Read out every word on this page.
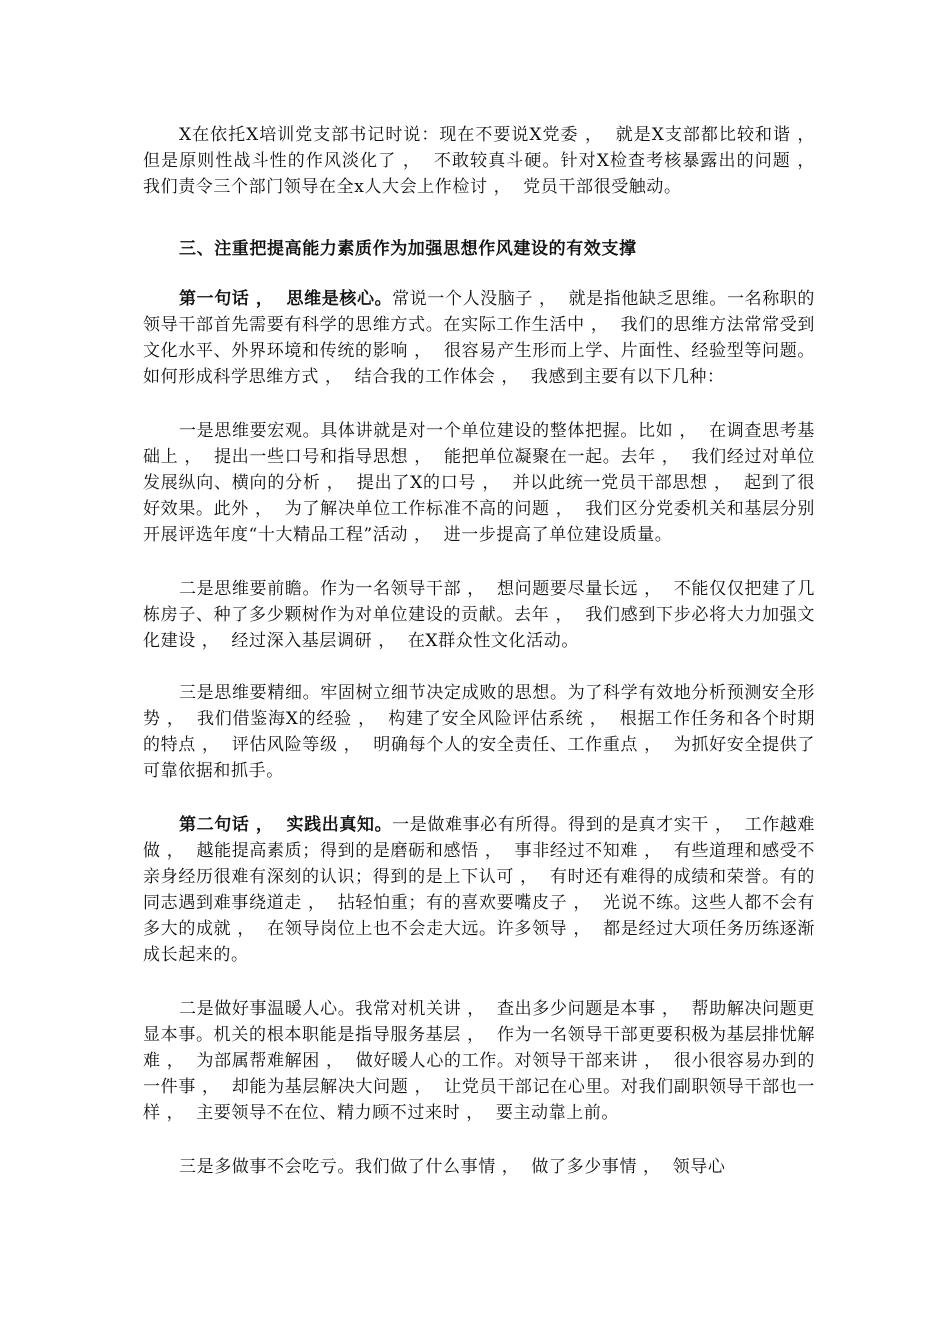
X在依托X培训党支部书记时说：现在不要说X党委 ，  就是X支部都比较和谐 ，  但是原则性战斗性的作风淡化了 ，  不敢较真斗硬。针对X检查考核暴露出的问题 ，  我们责令三个部门领导在全x人大会上作检讨 ，  党员干部很受触动。

三、注重把提高能力素质作为加强思想作风建设的有效支撑

第一句话 ，  思维是核心。常说一个人没脑子 ，  就是指他缺乏思维。一名称职的领导干部首先需要有科学的思维方式。在实际工作生活中 ，  我们的思维方法常常受到文化水平、外界环境和传统的影响 ，  很容易产生形而上学、片面性、经验型等问题。如何形成科学思维方式 ，  结合我的工作体会 ，  我感到主要有以下几种：

一是思维要宏观。具体讲就是对一个单位建设的整体把握。比如 ，  在调查思考基础上 ，  提出一些口号和指导思想 ，  能把单位凝聚在一起。去年 ，  我们经过对单位发展纵向、横向的分析 ，  提出了X的口号 ，  并以此统一党员干部思想 ，  起到了很好效果。此外 ，  为了解决单位工作标准不高的问题 ，  我们区分党委机关和基层分别开展评选年度“十大精品工程”活动 ，  进一步提高了单位建设质量。

二是思维要前瞻。作为一名领导干部 ，  想问题要尽量长远 ，  不能仅仅把建了几栋房子、种了多少颗树作为对单位建设的贡献。去年 ，  我们感到下步必将大力加强文化建设 ，  经过深入基层调研 ，  在X群众性文化活动。

三是思维要精细。牢固树立细节决定成败的思想。为了科学有效地分析预测安全形势 ，  我们借鉴海X的经验 ，  构建了安全风险评估系统 ，  根据工作任务和各个时期的特点 ，  评估风险等级 ，  明确每个人的安全责任、工作重点 ，  为抓好安全提供了可靠依据和抓手。

第二句话 ，  实践出真知。一是做难事必有所得。得到的是真才实干 ，  工作越难做 ，  越能提高素质；得到的是磨砺和感悟 ，  事非经过不知难 ，  有些道理和感受不亲身经历很难有深刻的认识；得到的是上下认可 ，  有时还有难得的成绩和荣誉。有的同志遇到难事绕道走 ，  拈轻怕重；有的喜欢要嘴皮子 ，  光说不练。这些人都不会有多大的成就 ，  在领导岗位上也不会走大远。许多领导 ，  都是经过大项任务历练逐渐成长起来的。

二是做好事温暖人心。我常对机关讲 ，  查出多少问题是本事 ，  帮助解决问题更显本事。机关的根本职能是指导服务基层 ，  作为一名领导干部更要积极为基层排忧解难 ，  为部属帮难解困 ，  做好暖人心的工作。对领导干部来讲 ，  很小很容易办到的一件事 ，  却能为基层解决大问题 ，  让党员干部记在心里。对我们副职领导干部也一样 ，  主要领导不在位、精力顾不过来时 ，  要主动靠上前。

三是多做事不会吃亏。我们做了什么事情 ，  做了多少事情 ，  领导心
